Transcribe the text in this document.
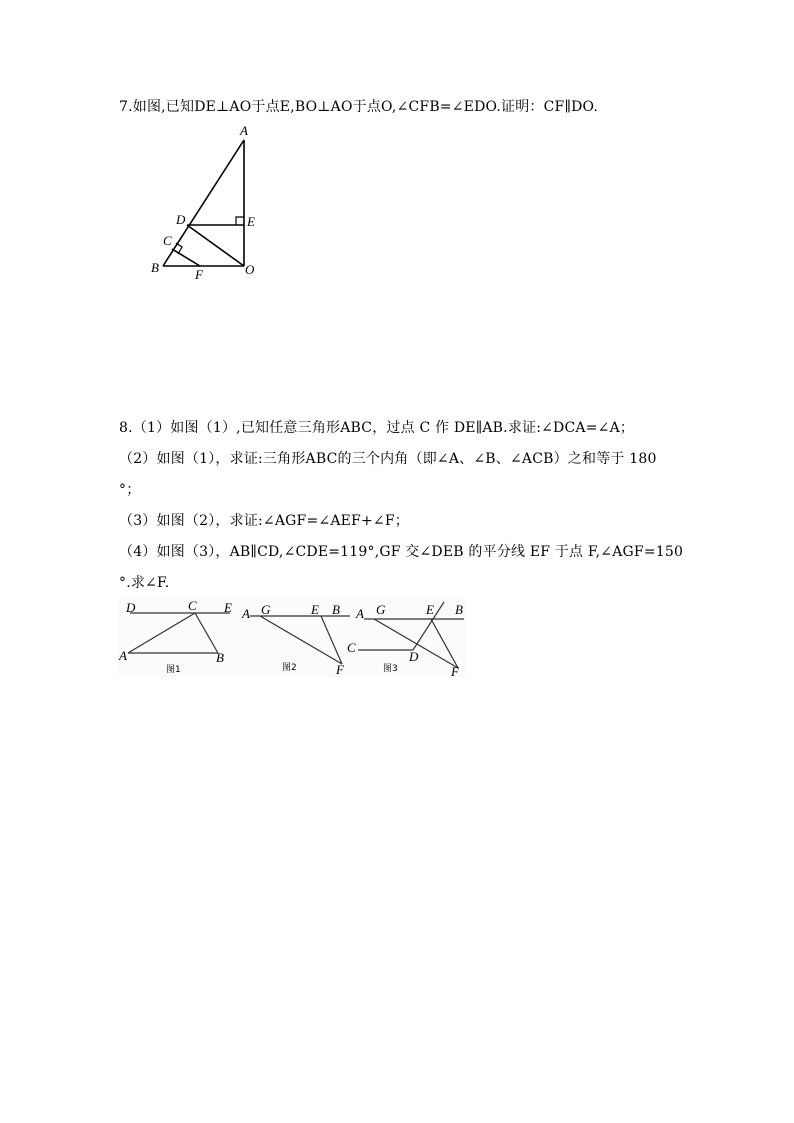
7.如图,已知DE⊥AO于点E,BO⊥AO于点O,∠CFB=∠EDO.证明：CF∥DO.
A
D	E
C
B	F	O
8.（1）如图（1）,已知任意三角形ABC，过点 C 作 DE∥AB.求证:∠DCA=∠A；
（2）如图（1），求证:三角形ABC的三个内角（即∠A、∠B、∠ACB）之和等于 180
°；
（3）如图（2），求证:∠AGF=∠AEF+∠F；
（4）如图（3），AB∥CD,∠CDE=119°,GF 交∠DEB 的平分线 EF 于点 F,∠AGF=150
°.求∠F.
D	C E
A	B
图1
A G	E B
F
图2
A G	E B
C
D
F
图3
